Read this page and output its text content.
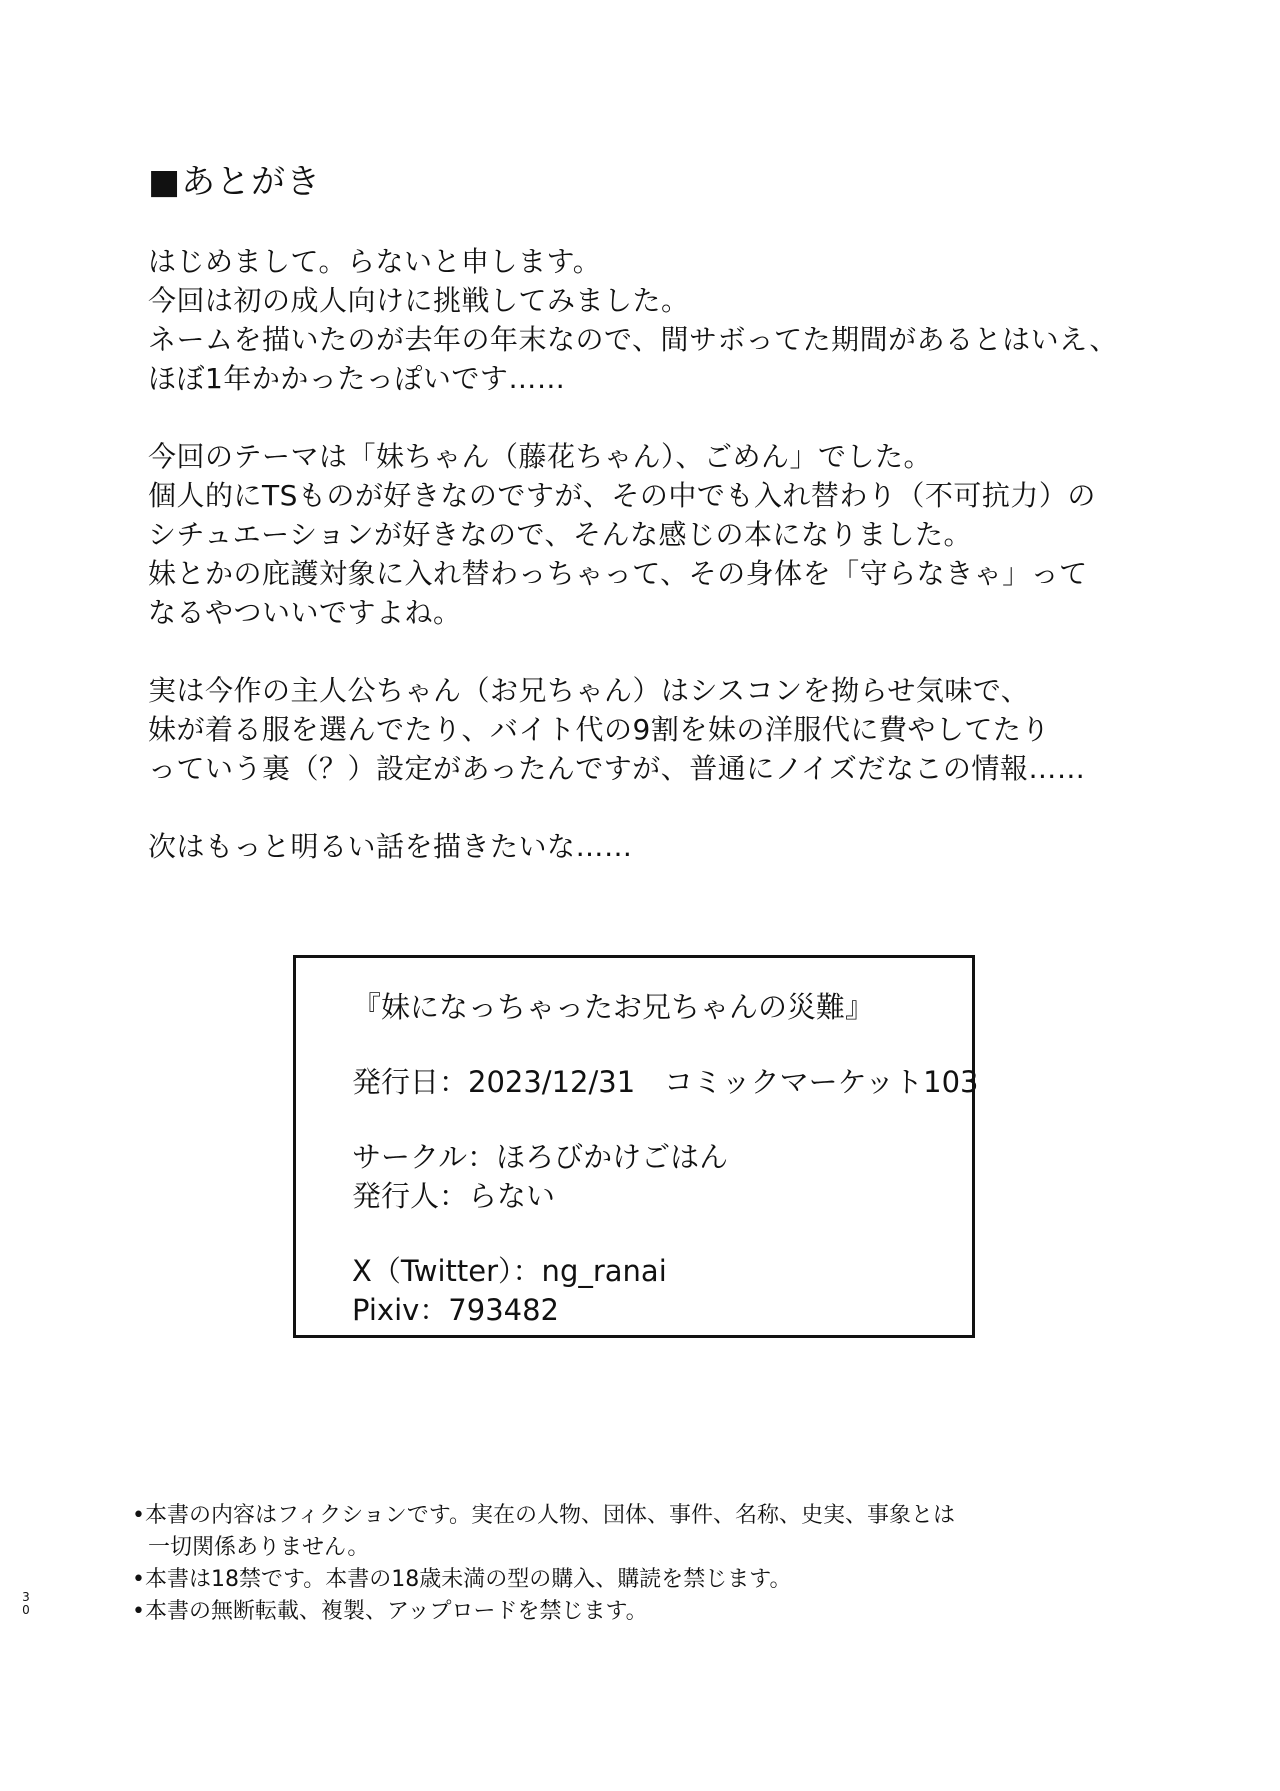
■あとがき
はじめまして。らないと申します。
今回は初の成人向けに挑戦してみました。
ネームを描いたのが去年の年末なので、間サボってた期間があるとはいえ、
ほぼ1年かかったっぽいです……
今回のテーマは「妹ちゃん（藤花ちゃん）、ごめん」でした。
個人的にTSものが好きなのですが、その中でも入れ替わり（不可抗力）の
シチュエーションが好きなので、そんな感じの本になりました。
妹とかの庇護対象に入れ替わっちゃって、その身体を「守らなきゃ」って
なるやついいですよね。
実は今作の主人公ちゃん（お兄ちゃん）はシスコンを拗らせ気味で、
妹が着る服を選んでたり、バイト代の9割を妹の洋服代に費やしてたり
っていう裏（？）設定があったんですが、普通にノイズだなこの情報……
次はもっと明るい話を描きたいな……
『妹になっちゃったお兄ちゃんの災難』
発行日：2023/12/31　コミックマーケット103
サークル：ほろびかけごはん
発行人：らない
X（Twitter）：ng_ranai
Pixiv：793482
•本書の内容はフィクションです。実在の人物、団体、事件、名称、史実、事象とは
一切関係ありません。
•本書は18禁です。本書の18歳未満の型の購入、購読を禁じます。
•本書の無断転載、複製、アップロードを禁じます。
3
0
